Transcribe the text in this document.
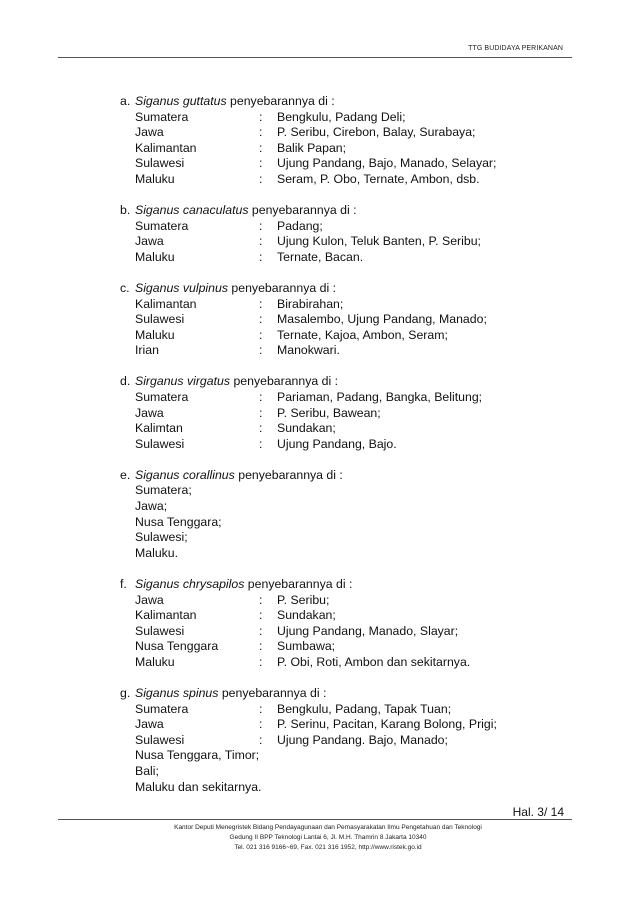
TTG BUDIDAYA PERIKANAN
a. Siganus guttatus penyebarannya di :
Sumatera	: Bengkulu, Padang Deli;
Jawa	: P. Seribu, Cirebon, Balay, Surabaya;
Kalimantan	: Balik Papan;
Sulawesi	: Ujung Pandang, Bajo, Manado, Selayar;
Maluku	: Seram, P. Obo, Ternate, Ambon, dsb.
b. Siganus canaculatus penyebarannya di :
Sumatera	: Padang;
Jawa	: Ujung Kulon, Teluk Banten, P. Seribu;
Maluku	: Ternate, Bacan.
c. Siganus vulpinus penyebarannya di :
Kalimantan	: Birabirahan;
Sulawesi	: Masalembo, Ujung Pandang, Manado;
Maluku	: Ternate, Kajoa, Ambon, Seram;
Irian	: Manokwari.
d. Sirganus virgatus penyebarannya di :
Sumatera	: Pariaman, Padang, Bangka, Belitung;
Jawa	: P. Seribu, Bawean;
Kalimtan	: Sundakan;
Sulawesi	: Ujung Pandang, Bajo.
e. Siganus corallinus penyebarannya di :
Sumatera;
Jawa;
Nusa Tenggara;
Sulawesi;
Maluku.
f. Siganus chrysapilos penyebarannya di :
Jawa	: P. Seribu;
Kalimantan	: Sundakan;
Sulawesi	: Ujung Pandang, Manado, Slayar;
Nusa Tenggara	: Sumbawa;
Maluku	: P. Obi, Roti, Ambon dan sekitarnya.
g. Siganus spinus penyebarannya di :
Sumatera	: Bengkulu, Padang, Tapak Tuan;
Jawa	: P. Serinu, Pacitan, Karang Bolong, Prigi;
Sulawesi	: Ujung Pandang. Bajo, Manado;
Nusa Tenggara, Timor;
Bali;
Maluku dan sekitarnya.
Hal. 3/ 14
Kantor Deputi Menegristek Bidang Pendayagunaan dan Pemasyarakatan Ilmu Pengetahuan dan Teknologi
Gedung II BPP Teknologi Lantai 6, Jl. M.H. Thamrin 8 Jakarta 10340
Tel. 021 316 9166~69, Fax. 021 316 1952, http://www.ristek.go.id
